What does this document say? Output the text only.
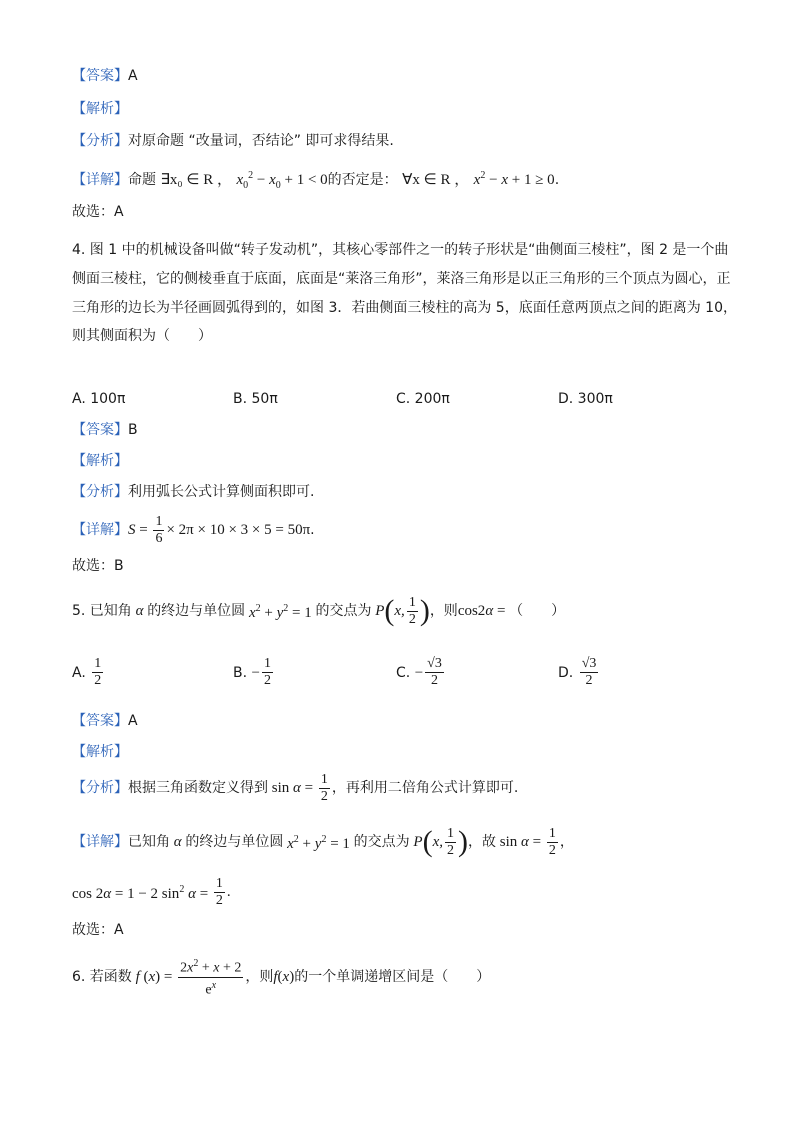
【答案】A
【解析】
【分析】对原命题 “改量词，否结论” 即可求得结果.
【详解】命题 ∃x₀ ∈ R ， $x_0^2 - x_0 + 1 < 0$的否定是： ∀x ∈ R ， $x^2 - x + 1 \ge 0$.
故选：A
4. 图 1 中的机械设备叫做“转子发动机”，其核心零部件之一的转子形状是“曲侧面三棱柱”，图 2 是一个曲
侧面三棱柱，它的侧棱垂直于底面，底面是“莱洛三角形”，莱洛三角形是以正三角形的三个顶点为圆心，正
三角形的边长为半径画圆弧得到的，如图 3．若曲侧面三棱柱的高为 5，底面任意两顶点之间的距离为 10，
则其侧面积为（　　）
A. 100π	B. 50π	C. 200π	D. 300π
【答案】B
【解析】
【分析】利用弧长公式计算侧面积即可.
【详解】 $S = \frac{1}{6} \times 2\pi \times 10 \times 3 \times 5 = 50\pi$ .
故选：B
5. 已知角 α 的终边与单位圆 $x^2 + y^2 = 1$ 的交点为 P ( x, $\frac{1}{2}$ ) ，则 cos2α = （　　）
A.
$\frac{1}{2}$	B.
− $\frac{1}{2}$	C.
− $\frac{√3}{2}$	D.
$\frac{√3}{2}$
【答案】A
【解析】
【分析】 根据三角函数定义得到 $\sin \alpha = \frac{1}{2}$ ，再利用二倍角公式计算即可.
【详解】 已知角 α 的终边与单位圆 $x^2 + y^2 = 1$ 的交点为 P ( x, $\frac{1}{2}$ ) ，故 $\sin \alpha = \frac{1}{2}$ ，
cos 2α = 1 − 2 $\sin^2 \alpha = \frac{1}{2}$ .
故选：A
6. 若函数 f $(x) = \frac{2x^2 + x + 2}{e^x}$ ，则 f(x) 的一个单调递增区间是（　　）
